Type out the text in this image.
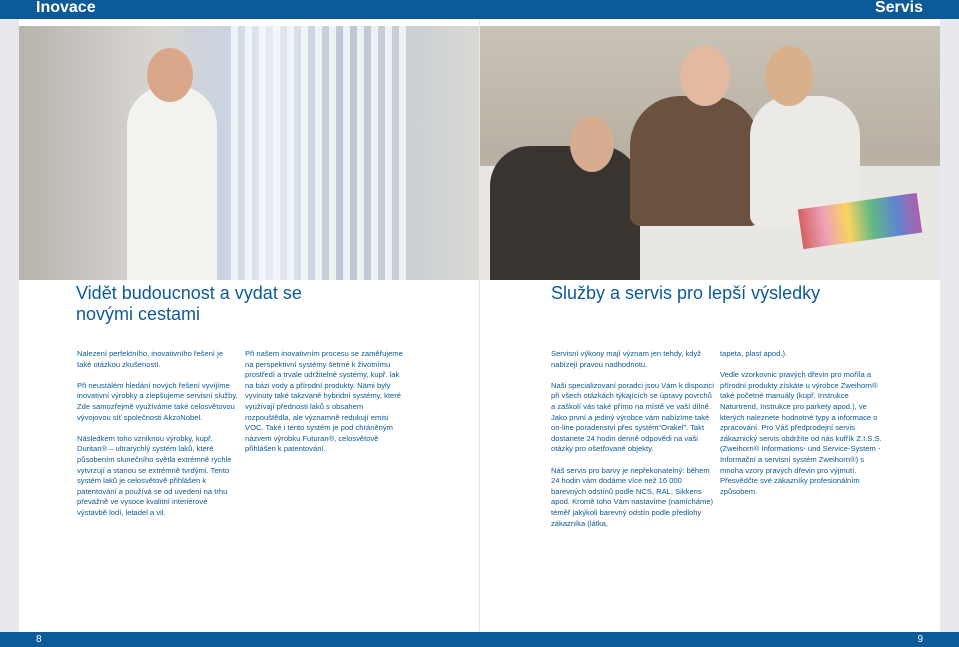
Inovace	Servis
Vidět budoucnost a vydat se
novými cestami
Služby a servis pro lepší výsledky

Nalezení perfektního, inovativního řešení je také otázkou zkušeností.

Při neustálém hledání nových řešení vyvíjíme inovativní výrobky a zlepšujeme servisní služby. Zde samozřejmě využíváme také celosvětovou vývojovou síť společnosti AkzoNobel.

Následkem toho vzniknou výrobky, kupř. Duritan® – ultrarychlý systém laků, které působením slunečního světla extrémně rychle vytvrzují a stanou se extrémně tvrdými. Tento systém laků je celosvětově přihlášen k patentování a používá se od uvedení na trhu převážně ve vysoce kvalitní interiérové výstavbě lodí, letadel a vil.

Při našem inovativním procesu se zaměřujeme na perspektivní systémy šetrné k životnímu prostředí a trvale udržitelné systémy, kupř. lak na bázi vody a přírodní produkty. Nämi byly vyvinuty také takzvané hybridní systémy, které využívají přednosti laků s obsahem rozpouštědla, ale významně redukují emisi VOC. Také i tento systém je pod chráněným názvem výrobku Futuran®, celosvětově přihlášen k patentování.

Servisní výkony mají význam jen tehdy, když nabízejí pravou nadhodnotu.

Naši specializovaní poradci jsou Vám k dispozici při všech otázkách týkajících se úpravy povrchů a zaškolí vás také přímo na místě ve vaší dílně. Jako první a jediný výrobce vám nabízíme také on-line poradenství přes systém“Orakel”. Takt dostanete 24 hodin denně odpovědi na vaši otázky pro ošetřované objekty.

Náš servis pro barvy je nepřekonatelný: během 24 hodin vám dodáme více než 16 000 barevných odstínů podle NCS, RAL, Sikkens apod. Kromě toho Vám nastavíme (namícháme) téměř jakýkoli barevný odstín podle předlohy zákazníka (látka,

tapeta, plast apod.).

Vedle vzorkovnic pravých dřevin pro moříla a přírodní produkty získáte u výrobce Zweihorn® také početné manuály (kupř. Instrukce Naturtrend, Instrukce pro parkety apod.), ve kterých naleznete hodnotné typy a informace o zpracování. Pro Váš předprodejní servis zákaznický servis obdržíte od nás kufřík Z.I.S.S. (Zweihorn® Informations- und Service-System - Informační a servisní systém Zweihorn®) s mnoha vzory pravých dřevin pro výjmutí. Přesvědčte své zákazníky profesionálním způsobem.

8	9
